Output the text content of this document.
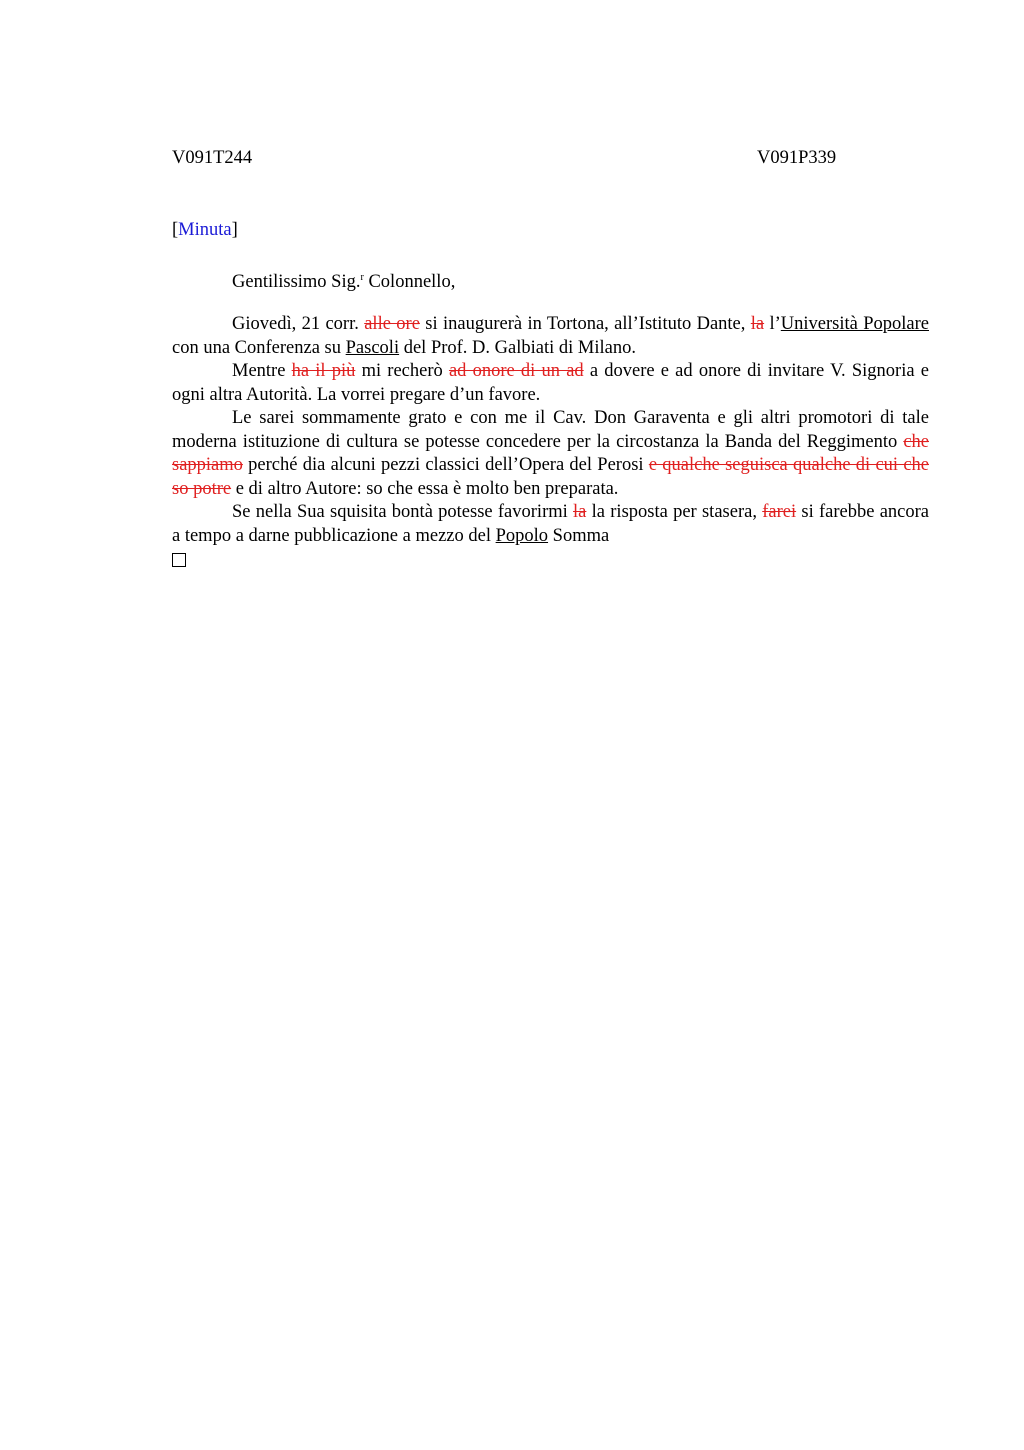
V091T244	V091P339
[Minuta]
Gentilissimo Sig.$^r$ Colonnello,

Giovedì, 21 corr. alle ore si inaugurerà in Tortona, all’Istituto Dante, la l’Università Popolare con una Conferenza su Pascoli del Prof. D. Galbiati di Milano.

Mentre ha il più mi recherò ad onore di un ad a dovere e ad onore di invitare V. Signoria e ogni altra Autorità. La vorrei pregare d’un favore.

Le sarei sommamente grato e con me il Cav. Don Garaventa e gli altri promotori di tale moderna istituzione di cultura se potesse concedere per la circostanza la Banda del Reggimento che sappiamo perché dia alcuni pezzi classici dell’Opera del Perosi e qualche seguisca qualche di cui che so potre e di altro Autore: so che essa è molto ben preparata.

Se nella Sua squisita bontà potesse favorirmi la la risposta per stasera, farei si farebbe ancora a tempo a darne pubblicazione a mezzo del Popolo Somma
